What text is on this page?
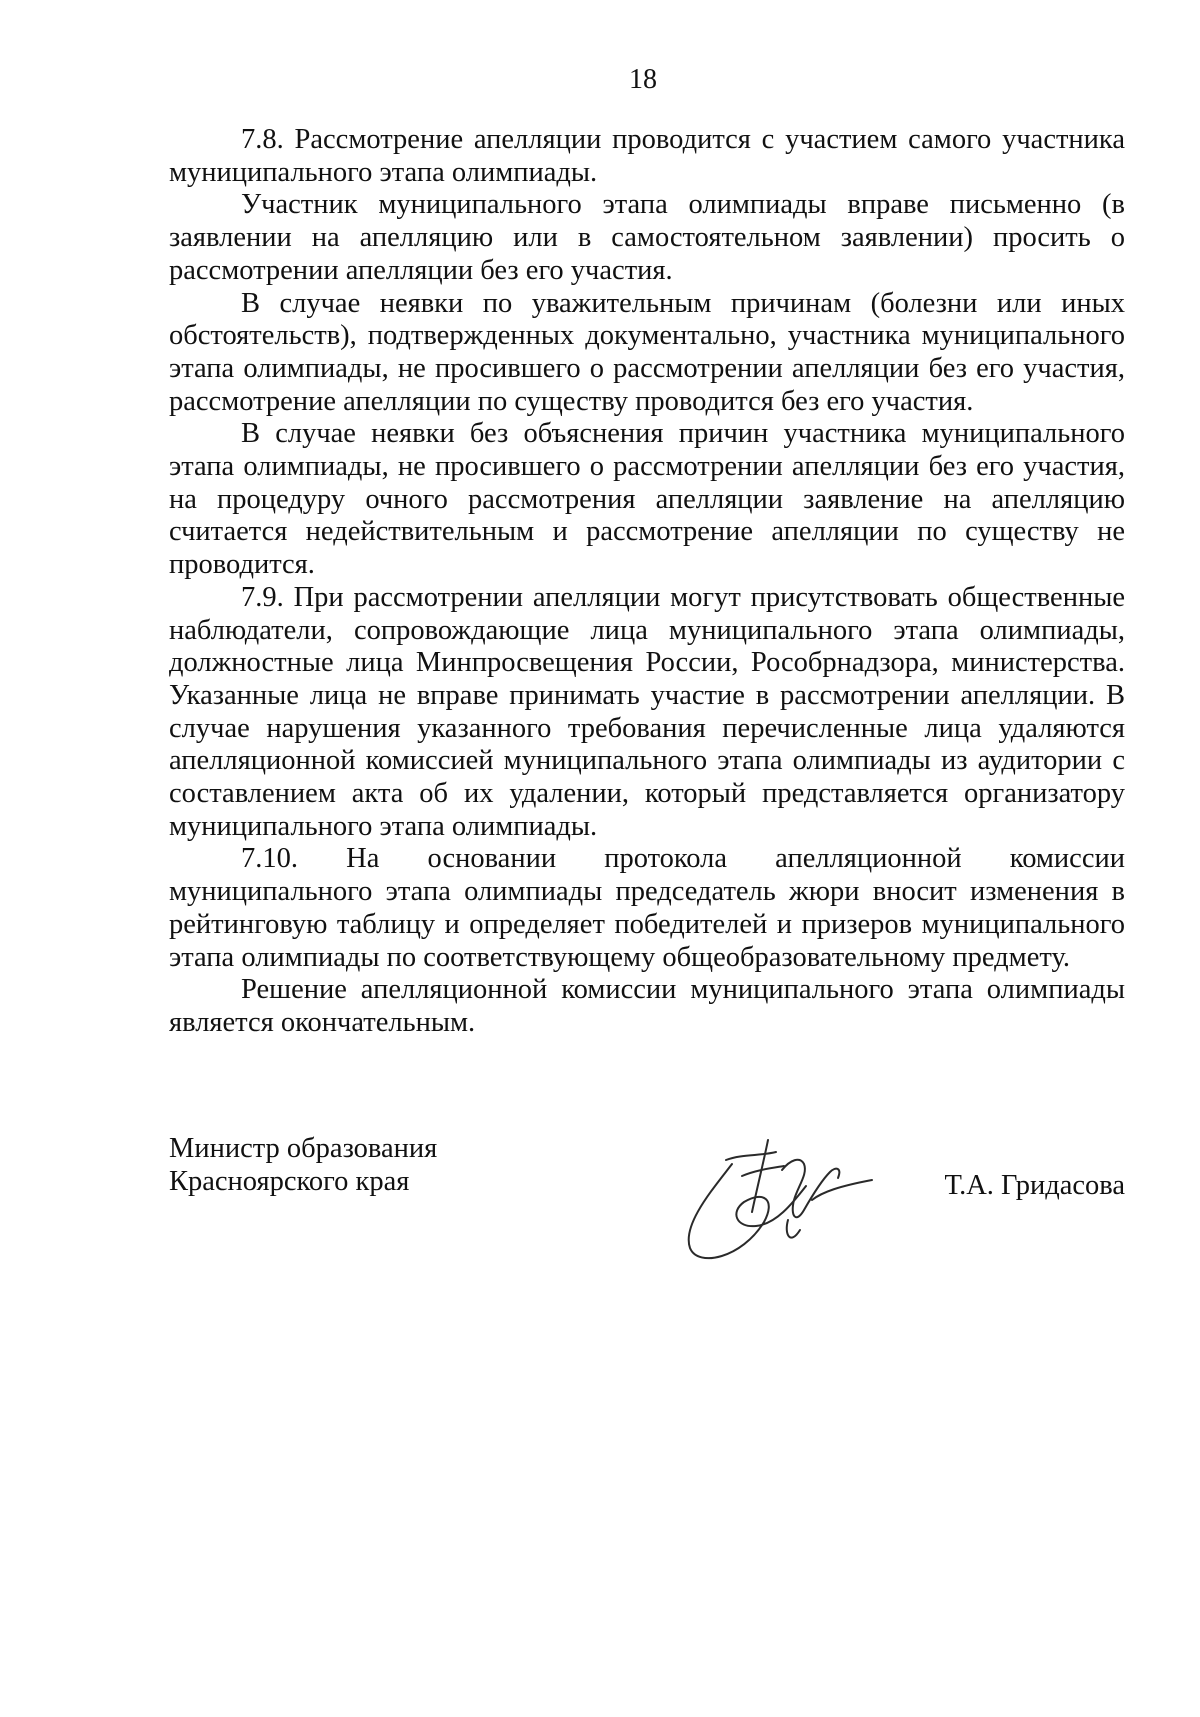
18

7.8. Рассмотрение апелляции проводится с участием самого участника муниципального этапа олимпиады.

Участник муниципального этапа олимпиады вправе письменно (в заявлении на апелляцию или в самостоятельном заявлении) просить о рассмотрении апелляции без его участия.

В случае неявки по уважительным причинам (болезни или иных обстоятельств), подтвержденных документально, участника муниципального этапа олимпиады, не просившего о рассмотрении апелляции без его участия, рассмотрение апелляции по существу проводится без его участия.

В случае неявки без объяснения причин участника муниципального этапа олимпиады, не просившего о рассмотрении апелляции без его участия, на процедуру очного рассмотрения апелляции заявление на апелляцию считается недействительным и рассмотрение апелляции по существу не проводится.

7.9. При рассмотрении апелляции могут присутствовать общественные наблюдатели, сопровождающие лица муниципального этапа олимпиады, должностные лица Минпросвещения России, Рособрнадзора, министерства. Указанные лица не вправе принимать участие в рассмотрении апелляции. В случае нарушения указанного требования перечисленные лица удаляются апелляционной комиссией муниципального этапа олимпиады из аудитории с составлением акта об их удалении, который представляется организатору муниципального этапа олимпиады.

7.10. На основании протокола апелляционной комиссии муниципального этапа олимпиады председатель жюри вносит изменения в рейтинговую таблицу и определяет победителей и призеров муниципального этапа олимпиады по соответствующему общеобразовательному предмету.

Решение апелляционной комиссии муниципального этапа олимпиады является окончательным.

Министр образования
Красноярского края	Т.А. Гридасова
